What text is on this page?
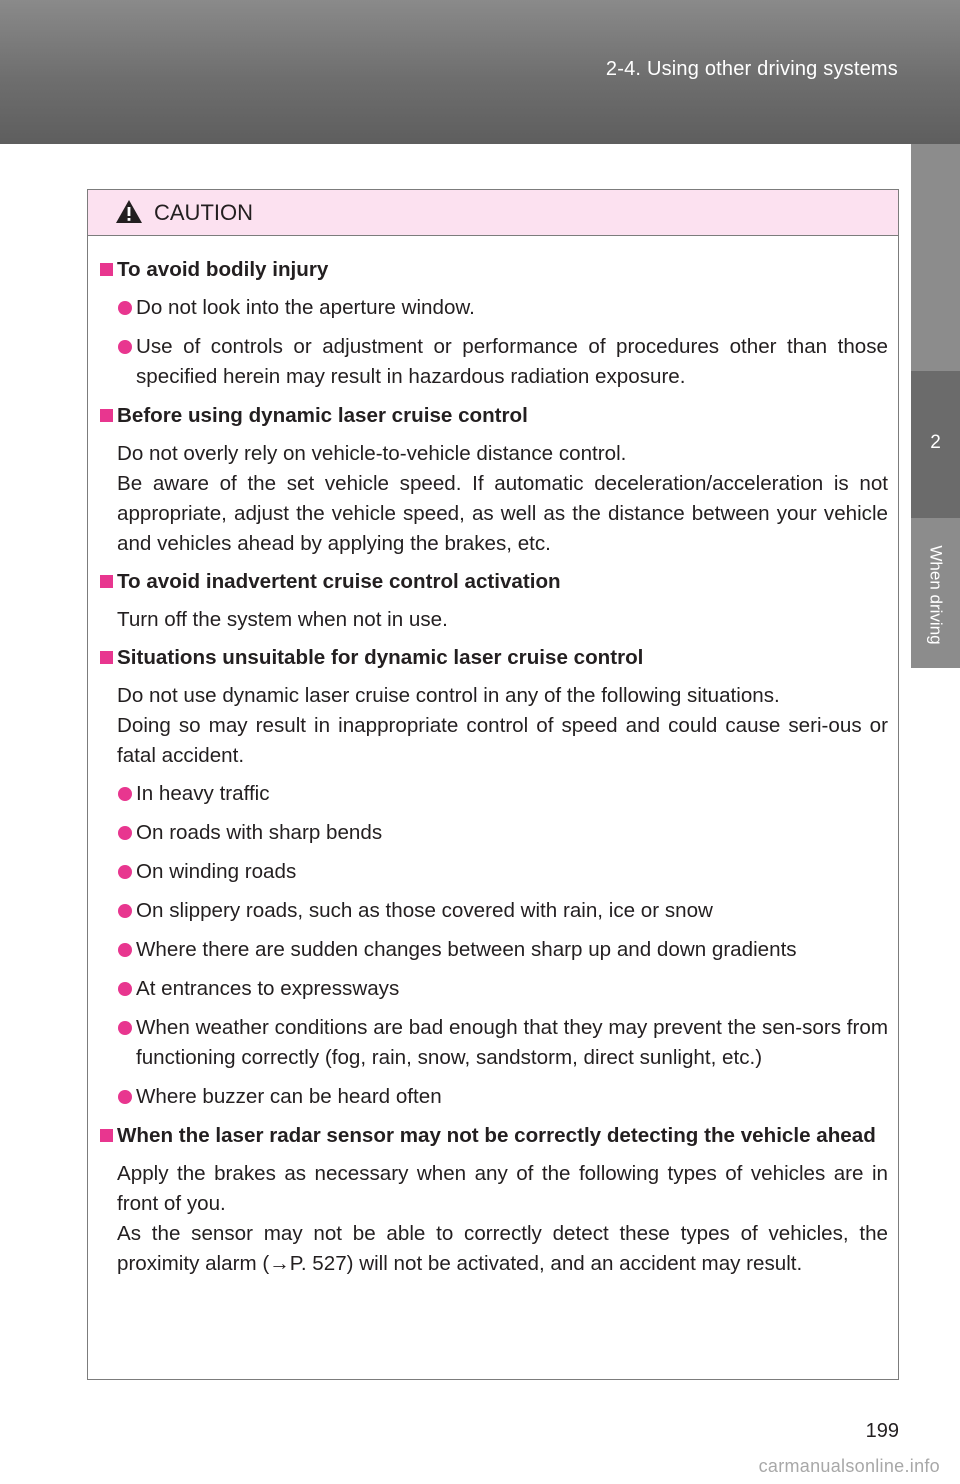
2-4. Using other driving systems
2
When driving
CAUTION
To avoid bodily injury
Do not look into the aperture window.
Use of controls or adjustment or performance of procedures other than those specified herein may result in hazardous radiation exposure.
Before using dynamic laser cruise control

Do not overly rely on vehicle-to-vehicle distance control.

Be aware of the set vehicle speed. If automatic deceleration/acceleration is not appropriate, adjust the vehicle speed, as well as the distance between your vehicle and vehicles ahead by applying the brakes, etc.

To avoid inadvertent cruise control activation

Turn off the system when not in use.

Situations unsuitable for dynamic laser cruise control

Do not use dynamic laser cruise control in any of the following situations.

Doing so may result in inappropriate control of speed and could cause seri-ous or fatal accident.

In heavy traffic
On roads with sharp bends
On winding roads
On slippery roads, such as those covered with rain, ice or snow
Where there are sudden changes between sharp up and down gradients
At entrances to expressways
When weather conditions are bad enough that they may prevent the sen-sors from functioning correctly (fog, rain, snow, sandstorm, direct sunlight, etc.)
Where buzzer can be heard often
When the laser radar sensor may not be correctly detecting the vehicle ahead

Apply the brakes as necessary when any of the following types of vehicles are in front of you.

As the sensor may not be able to correctly detect these types of vehicles, the proximity alarm (→P. 527) will not be activated, and an accident may result.

199
carmanualsonline.info
